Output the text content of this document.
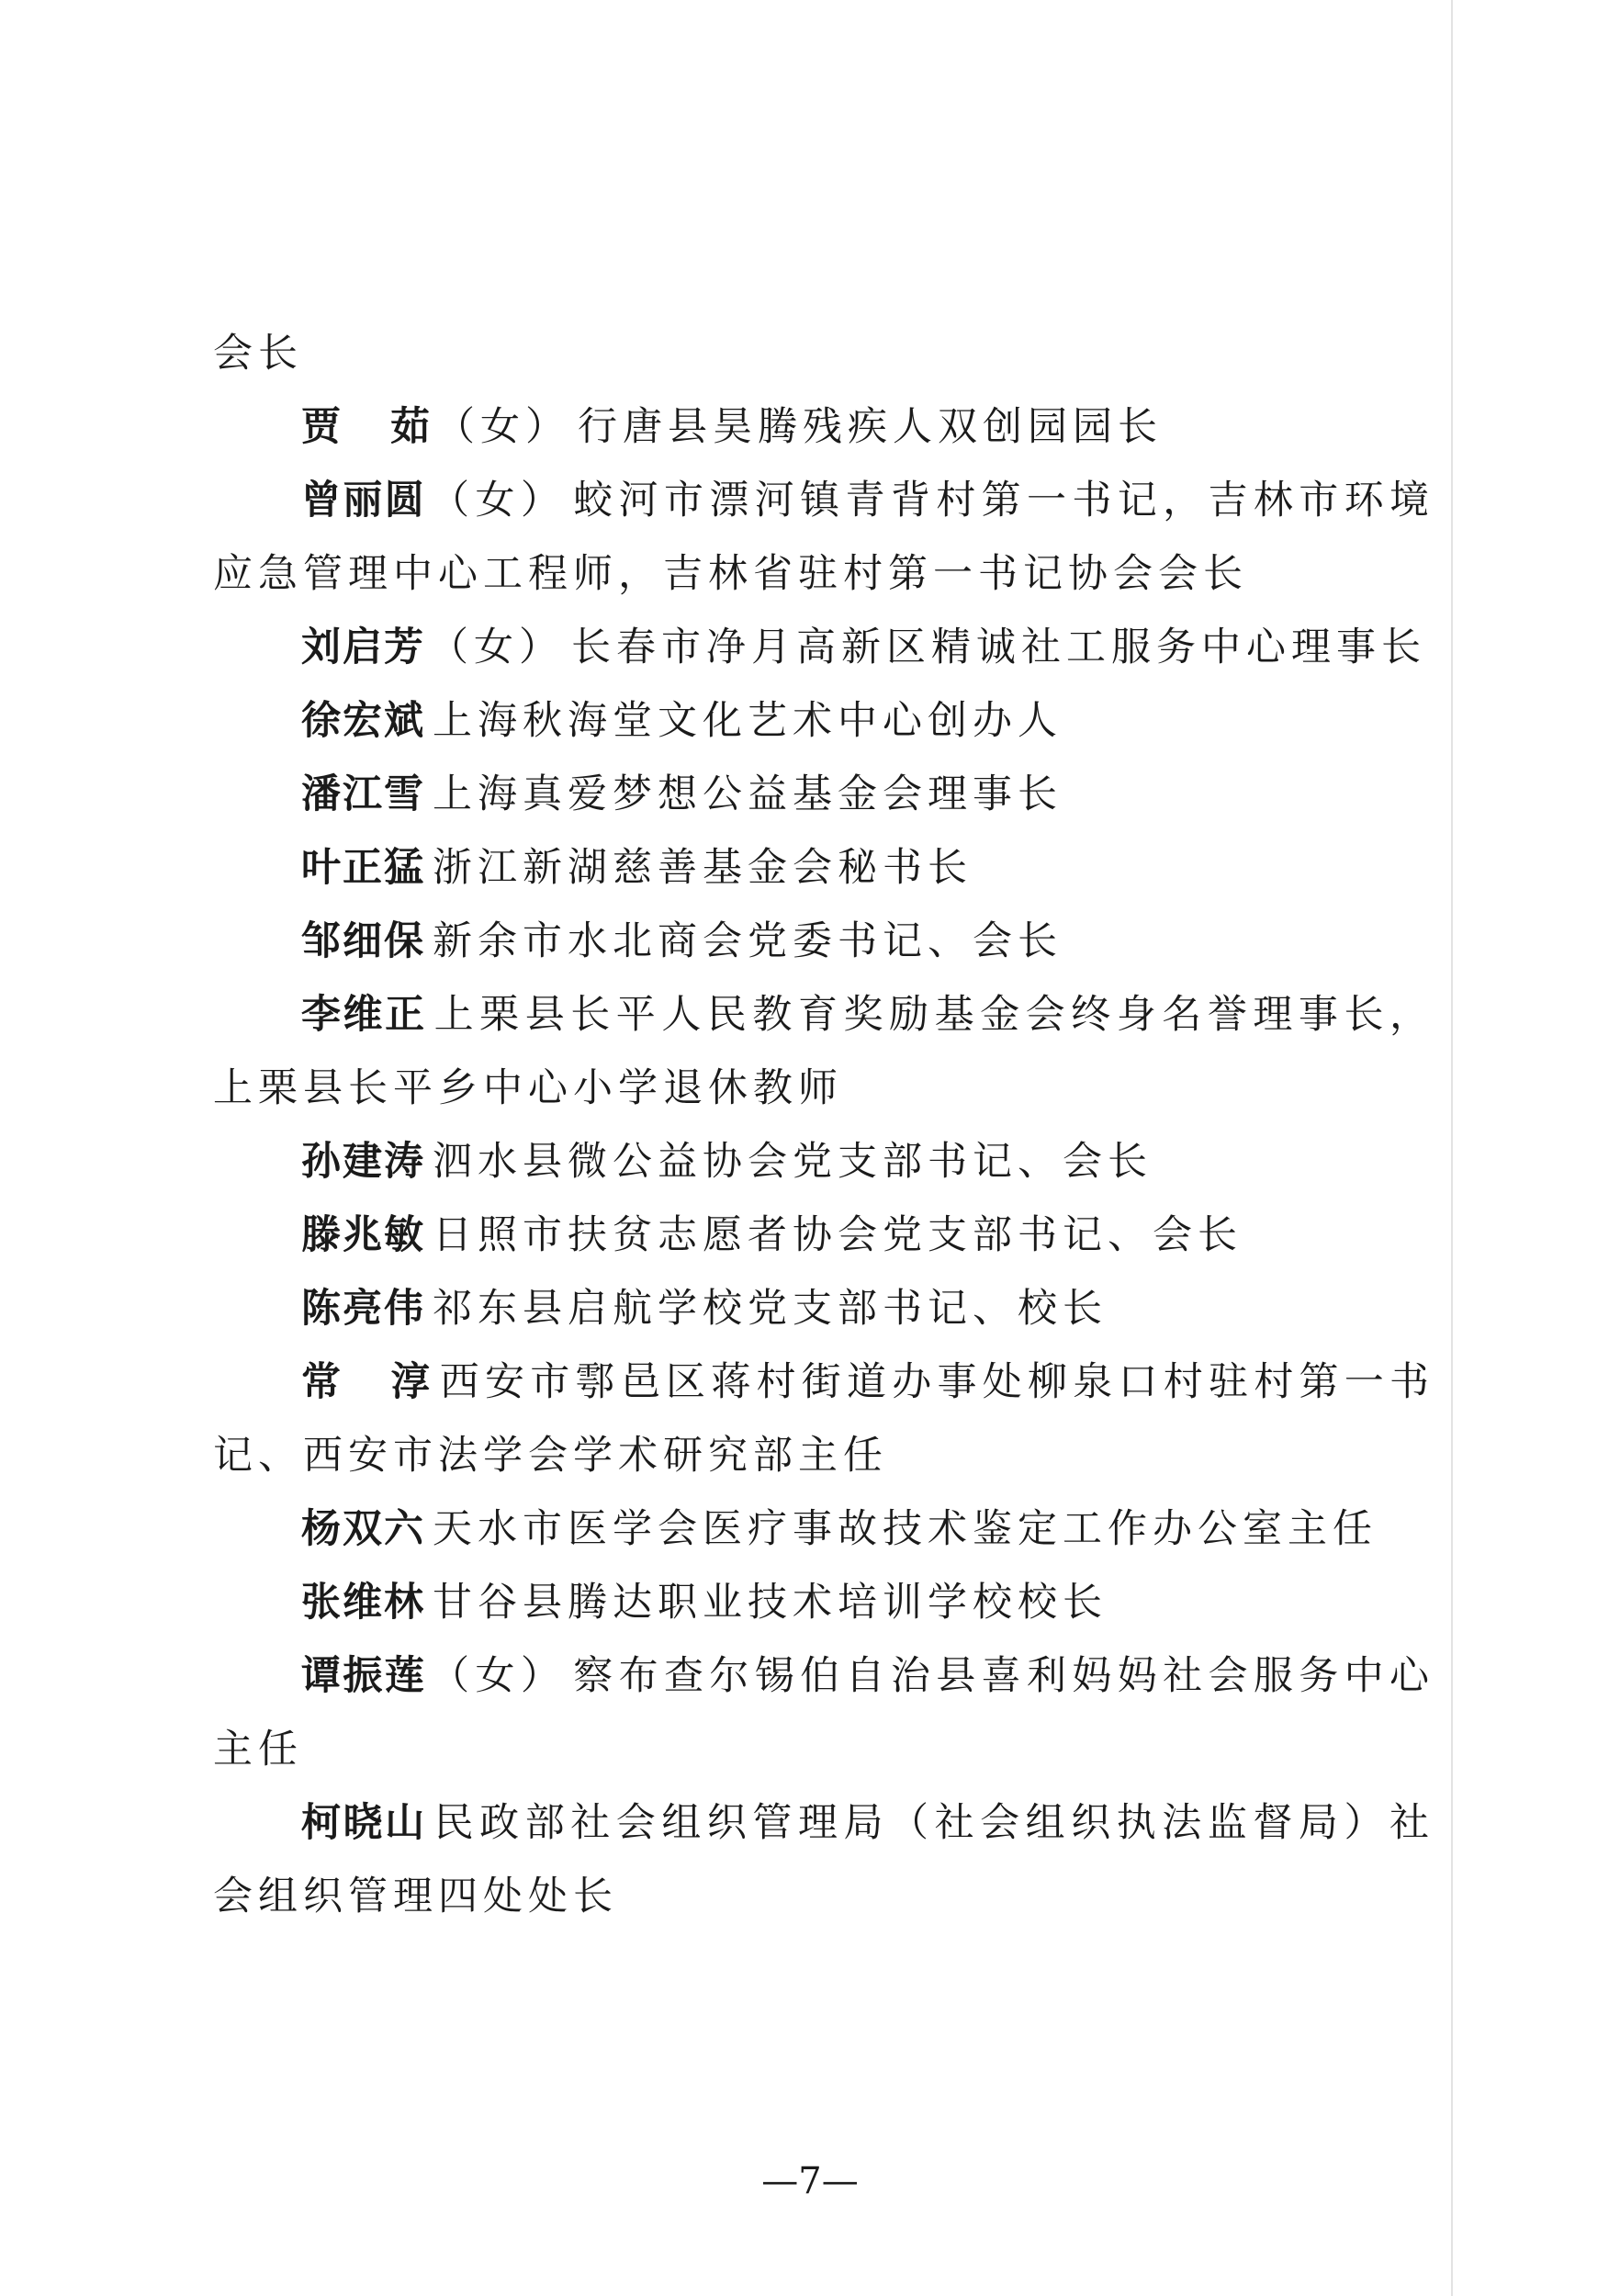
会长

贾 茹（女） 行唐县昊腾残疾人双创园园长

曾丽圆（女） 蛟河市漂河镇青背村第一书记，吉林市环境应急管理中心工程师，吉林省驻村第一书记协会会长

刘启芳（女） 长春市净月高新区精诚社工服务中心理事长

徐宏斌 上海秋海堂文化艺术中心创办人

潘江雪 上海真爱梦想公益基金会理事长

叶正猛 浙江新湖慈善基金会秘书长

邹细保 新余市水北商会党委书记、会长

李维正 上栗县长平人民教育奖励基金会终身名誉理事长，上栗县长平乡中心小学退休教师

孙建涛 泗水县微公益协会党支部书记、会长

滕兆敏 日照市扶贫志愿者协会党支部书记、会长

陈亮伟 祁东县启航学校党支部书记、校长

常 淳 西安市鄠邑区蒋村街道办事处柳泉口村驻村第一书记、西安市法学会学术研究部主任

杨双六 天水市医学会医疗事故技术鉴定工作办公室主任

张维林 甘谷县腾达职业技术培训学校校长

谭振莲（女） 察布查尔锡伯自治县喜利妈妈社会服务中心主任

柯晓山 民政部社会组织管理局（社会组织执法监督局）社会组织管理四处处长

—7—
